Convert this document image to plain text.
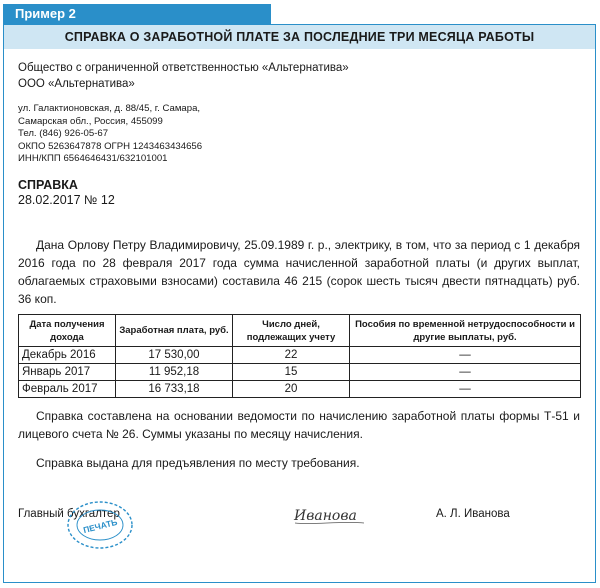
Пример 2
СПРАВКА О ЗАРАБОТНОЙ ПЛАТЕ ЗА ПОСЛЕДНИЕ ТРИ МЕСЯЦА РАБОТЫ
Общество с ограниченной ответственностью «Альтернатива»
ООО «Альтернатива»
ул. Галактионовская, д. 88/45, г. Самара,
Самарская обл., Россия, 455099
Тел. (846) 926-05-67
ОКПО 5263647878 ОГРН 1243463434656
ИНН/КПП 6564646431/632101001
СПРАВКА
28.02.2017 № 12
Дана Орлову Петру Владимировичу, 25.09.1989 г. р., электрику, в том, что за период с 1 декабря 2016 года по 28 февраля 2017 года сумма начисленной заработной платы (и других выплат, облагаемых страховыми взносами) составила 46 215 (сорок шесть тысяч двести пятнадцать) руб. 36 коп.
Дата получения дохода	Заработная плата, руб.	Число дней, подлежащих учету	Пособия по временной нетрудоспособности и другие выплаты, руб.
Декабрь 2016	17 530,00	22	—
Январь 2017	11 952,18	15	—
Февраль 2017	16 733,18	20	—
Справка составлена на основании ведомости по начислению заработной платы формы Т-51 и лицевого счета № 26. Суммы указаны по месяцу начисления.
Справка выдана для предъявления по месту требования.
Главный бухгалтер
ПЕЧАТЬ
Иванова	А. Л. Иванова
